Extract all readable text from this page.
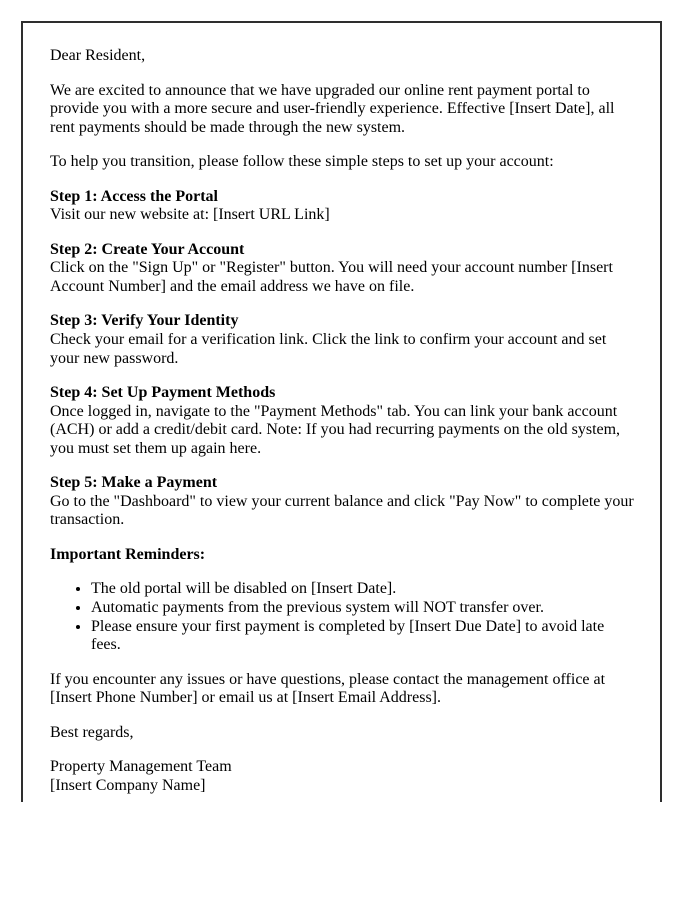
Dear Resident,

We are excited to announce that we have upgraded our online rent payment portal to provide you with a more secure and user-friendly experience. Effective [Insert Date], all rent payments should be made through the new system.

To help you transition, please follow these simple steps to set up your account:

Step 1: Access the Portal
Visit our new website at: [Insert URL Link]

Step 2: Create Your Account
Click on the "Sign Up" or "Register" button. You will need your account number [Insert Account Number] and the email address we have on file.

Step 3: Verify Your Identity
Check your email for a verification link. Click the link to confirm your account and set your new password.

Step 4: Set Up Payment Methods
Once logged in, navigate to the "Payment Methods" tab. You can link your bank account (ACH) or add a credit/debit card. Note: If you had recurring payments on the old system, you must set them up again here.

Step 5: Make a Payment
Go to the "Dashboard" to view your current balance and click "Pay Now" to complete your transaction.

Important Reminders:

• The old portal will be disabled on [Insert Date].
• Automatic payments from the previous system will NOT transfer over.
• Please ensure your first payment is completed by [Insert Due Date] to avoid late fees.

If you encounter any issues or have questions, please contact the management office at [Insert Phone Number] or email us at [Insert Email Address].

Best regards,

Property Management Team
[Insert Company Name]
